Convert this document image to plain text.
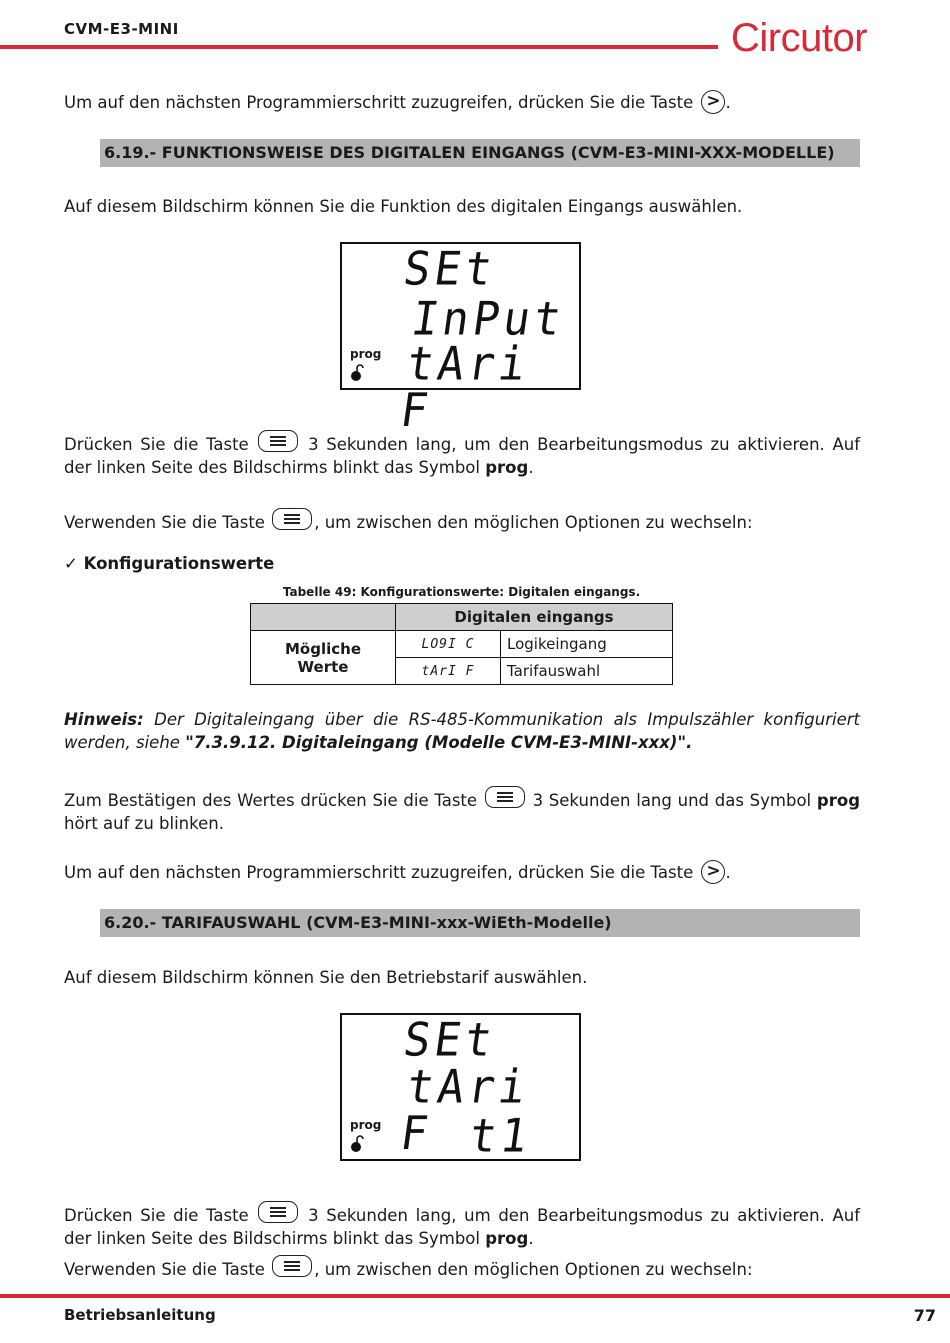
CVM-E3-MINI	Circutor
Um auf den nächsten Programmierschritt zuzugreifen, drücken Sie die Taste > .
6.19.- FUNKTIONSWEISE DES DIGITALEN EINGANGS (CVM-E3-MINI-XXX-MODELLE)
Auf diesem Bildschirm können Sie die Funktion des digitalen Eingangs auswählen.
SEt
InPut
tAri F
prog
Drücken Sie die Taste	3 Sekunden lang, um den Bearbeitungsmodus zu aktivieren. Auf der linken Seite des Bildschirms blinkt das Symbol prog.
Verwenden Sie die Taste	, um zwischen den möglichen Optionen zu wechseln:
✓ Konfigurationswerte
Tabelle 49: Konfigurationswerte: Digitalen eingangs.
	Digitalen eingangs	
Mögliche Werte	LO9I C	Logikeingang
	tArI F	Tarifauswahl
Hinweis: Der Digitaleingang über die RS-485-Kommunikation als Impulszähler konfiguriert werden, siehe "7.3.9.12. Digitaleingang (Modelle CVM-E3-MINI-xxx)".
Zum Bestätigen des Wertes drücken Sie die Taste	3 Sekunden lang und das Symbol prog hört auf zu blinken.
Um auf den nächsten Programmierschritt zuzugreifen, drücken Sie die Taste > .
6.20.- TARIFAUSWAHL (CVM-E3-MINI-xxx-WiEth-Modelle)
Auf diesem Bildschirm können Sie den Betriebstarif auswählen.
SEt
tAri F t1
prog
Drücken Sie die Taste	3 Sekunden lang, um den Bearbeitungsmodus zu aktivieren. Auf der linken Seite des Bildschirms blinkt das Symbol prog.
Verwenden Sie die Taste	, um zwischen den möglichen Optionen zu wechseln:
Betriebsanleitung	77
